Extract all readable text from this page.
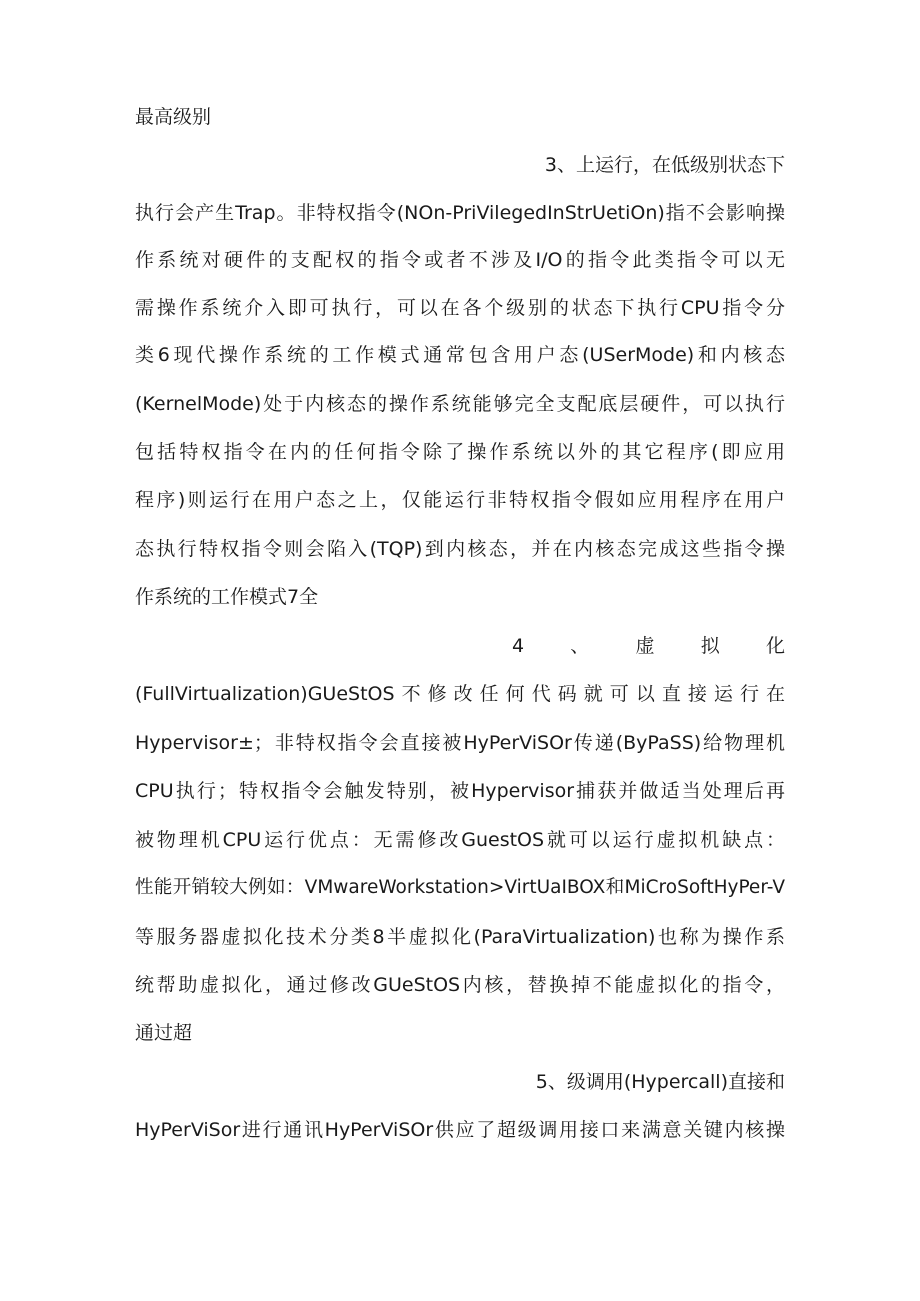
最高级别
3、上运行，在低级别状态下
执行会产生Trap。非特权指令(NOn-PriVilegedInStrUetiOn)指不会影响操
作系统对硬件的支配权的指令或者不涉及I/O的指令此类指令可以无
需操作系统介入即可执行，可以在各个级别的状态下执行CPU指令分
类6现代操作系统的工作模式通常包含用户态(USerMode)和内核态
(KernelMode)处于内核态的操作系统能够完全支配底层硬件，可以执行
包括特权指令在内的任何指令除了操作系统以外的其它程序(即应用
程序)则运行在用户态之上，仅能运行非特权指令假如应用程序在用户
态执行特权指令则会陷入(TQP)到内核态，并在内核态完成这些指令操
作系统的工作模式7全
4 、 虚 拟 化
(FullVirtualization)GUeStOS不修改任何代码就可以直接运行在
Hypervisor±；非特权指令会直接被HyPerViSOr传递(ByPaSS)给物理机
CPU执行；特权指令会触发特别，被Hypervisor捕获并做适当处理后再
被物理机CPU运行优点：无需修改GuestOS就可以运行虚拟机缺点：
性能开销较大例如：VMwareWorkstation>VirtUaIBOX和MiCroSoftHyPer-V
等服务器虚拟化技术分类8半虚拟化(ParaVirtualization)也称为操作系
统帮助虚拟化，通过修改GUeStOS内核，替换掉不能虚拟化的指令，
通过超
5、级调用(Hypercall)直接和
HyPerViSor进行通讯HyPerViSOr供应了超级调用接口来满意关键内核操
